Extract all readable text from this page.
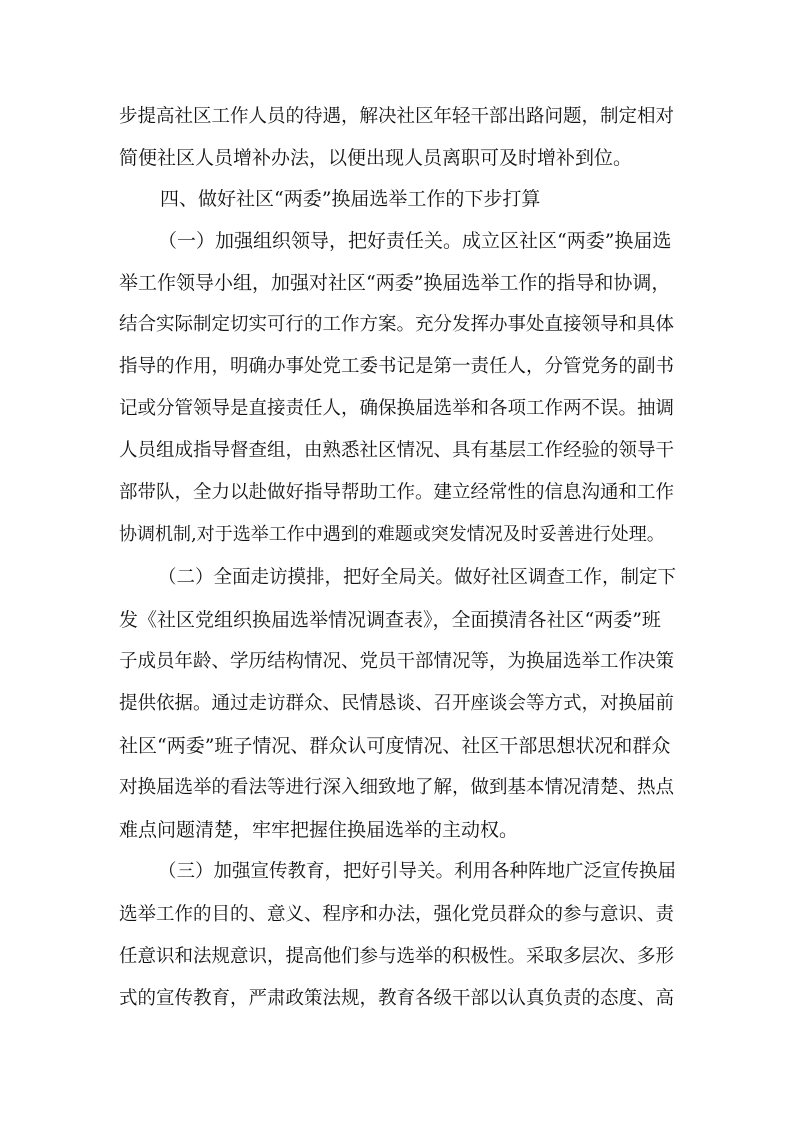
步提高社区工作人员的待遇，解决社区年轻干部出路问题，制定相对
简便社区人员增补办法，以便出现人员离职可及时增补到位。
四、做好社区“两委”换届选举工作的下步打算
（一）加强组织领导，把好责任关。成立区社区“两委”换届选
举工作领导小组，加强对社区“两委”换届选举工作的指导和协调，
结合实际制定切实可行的工作方案。充分发挥办事处直接领导和具体
指导的作用，明确办事处党工委书记是第一责任人，分管党务的副书
记或分管领导是直接责任人，确保换届选举和各项工作两不误。抽调
人员组成指导督查组，由熟悉社区情况、具有基层工作经验的领导干
部带队，全力以赴做好指导帮助工作。建立经常性的信息沟通和工作
协调机制,对于选举工作中遇到的难题或突发情况及时妥善进行处理。
（二）全面走访摸排，把好全局关。做好社区调查工作，制定下
发《社区党组织换届选举情况调查表》，全面摸清各社区“两委”班
子成员年龄、学历结构情况、党员干部情况等，为换届选举工作决策
提供依据。通过走访群众、民情恳谈、召开座谈会等方式，对换届前
社区“两委”班子情况、群众认可度情况、社区干部思想状况和群众
对换届选举的看法等进行深入细致地了解，做到基本情况清楚、热点
难点问题清楚，牢牢把握住换届选举的主动权。
（三）加强宣传教育，把好引导关。利用各种阵地广泛宣传换届
选举工作的目的、意义、程序和办法，强化党员群众的参与意识、责
任意识和法规意识，提高他们参与选举的积极性。采取多层次、多形
式的宣传教育，严肃政策法规，教育各级干部以认真负责的态度、高
